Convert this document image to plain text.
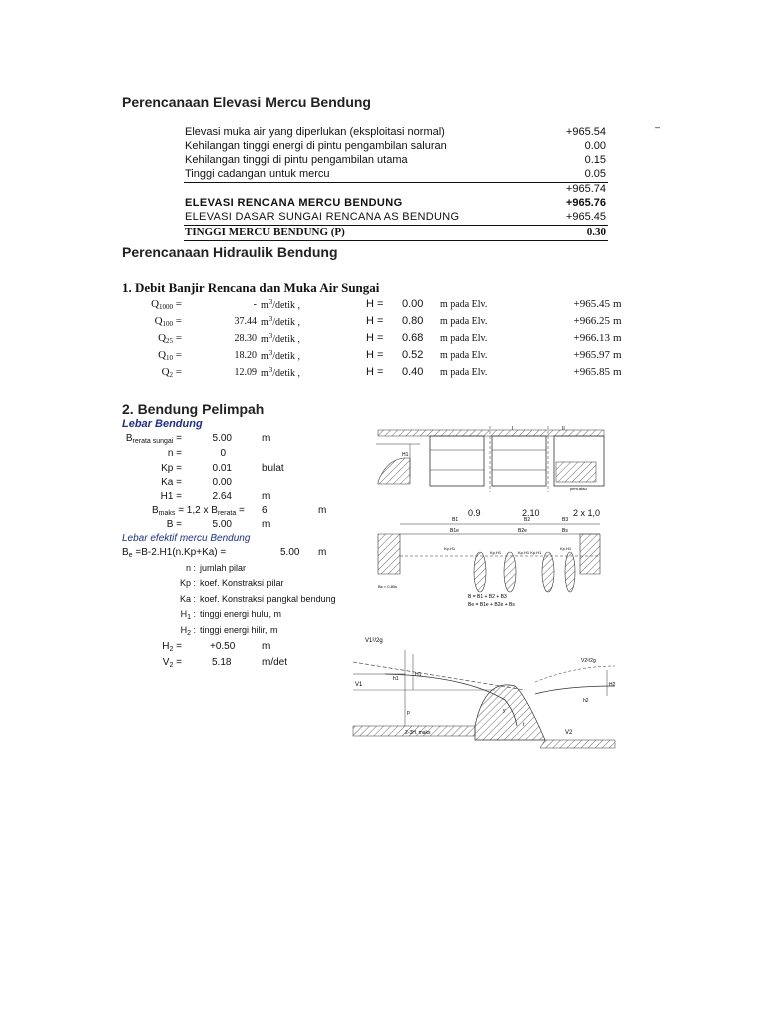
Perencanaan Elevasi Mercu Bendung
–
Elevasi muka air yang diperlukan (eksploitasi normal)	+965.54
Kehilangan tinggi energi di pintu pengambilan saluran	0.00
Kehilangan tinggi di pintu pengambilan utama	0.15
Tinggi cadangan untuk mercu	0.05
+965.74
ELEVASI RENCANA MERCU BENDUNG	+965.76
ELEVASI DASAR SUNGAI RENCANA AS BENDUNG	+965.45
TINGGI MERCU BENDUNG (P)	0.30
Perencanaan Hidraulik Bendung
1. Debit Banjir Rencana dan Muka Air Sungai
$Q_{1000}$ =	- $m^3$/detik ,	H = 0.00 m pada Elv.	+965.45 m
$Q_{100}$ =	37.44 $m^3$/detik ,	H = 0.80 m pada Elv.	+966.25 m
$Q_{25}$ =	28.30 $m^3$/detik ,	H = 0.68 m pada Elv.	+966.13 m
$Q_{10}$ =	18.20 $m^3$/detik ,	H = 0.52 m pada Elv.	+965.97 m
$Q_2$ =	12.09 $m^3$/detik ,	H = 0.40 m pada Elv.	+965.85 m
2. Bendung Pelimpah
Lebar Bendung
$B_{rerata sungai}$ =	5.00	m
n =	0
Kp =	0.01	bulat
Ka =	0.00
H1 =	2.64	m
$B_{maks} = 1,2$ x $B_{rerata} = 6$	m
B =	5.00	m
Lebar efektif mercu Bendung
$B_e =B-2.H1(n.Kp+Ka)$ =	5.00 m
n : jumlah pilar
Kp : koef. Konstraksi pilar
Ka : koef. Konstraksi pangkal bendung
$H_1$ : tinggi energi hulu, m
$H_2$ : tinggi energi hilir, m
$H_2$ =	+0.50	m
$V_2$ =	5.18	m/det
I	II
H1
pem.atau
0.9	2.10	2 x 1,0
B1	B2	B3
B1e	B2e	Bs
Kp.H1
Kp.H1	Kp.H1 Kp.H1
Kp.H1
Bs = 0.80s
B = B1 + B2 + B3
Be = B1e + B2e + Bs
V1²/2g
V1
h1
H1
p	y
t
V2²/2g
h2
H2
V2
2-3H. maks
